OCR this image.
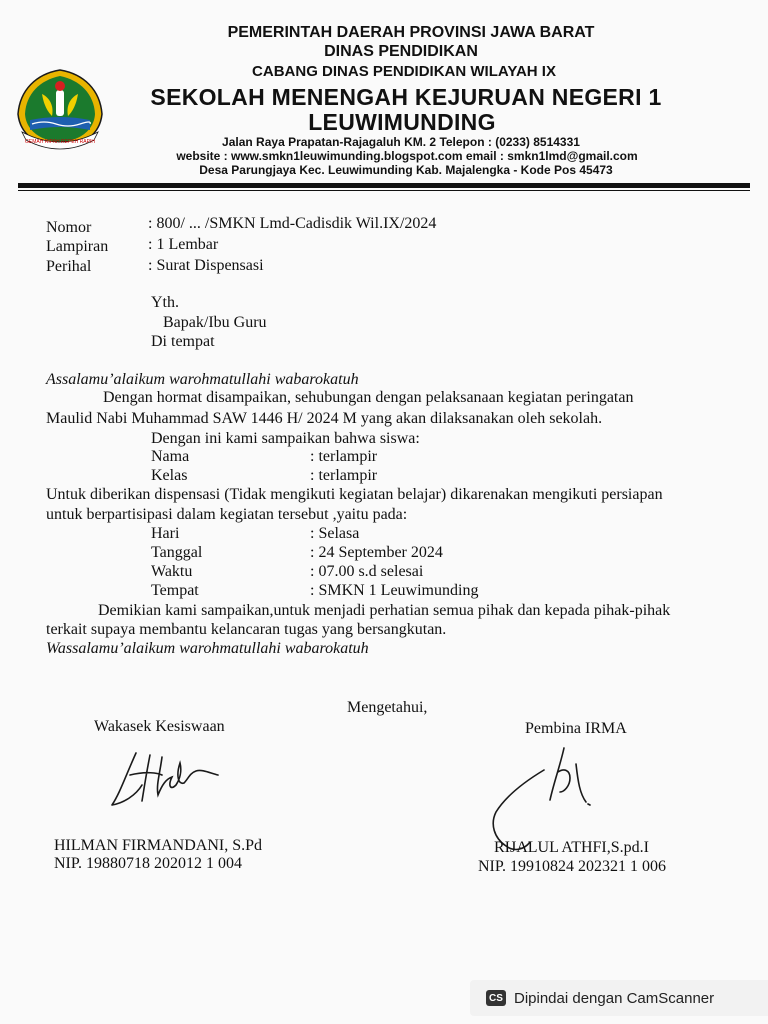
GEMAH RIPAH REPEH RAPIH
PEMERINTAH DAERAH PROVINSI JAWA BARAT
DINAS PENDIDIKAN
CABANG DINAS PENDIDIKAN WILAYAH IX
SEKOLAH MENENGAH KEJURUAN NEGERI 1
LEUWIMUNDING
Jalan Raya Prapatan-Rajagaluh KM. 2 Telepon : (0233) 8514331
website : www.smkn1leuwimunding.blogspot.com email : smkn1lmd@gmail.com
Desa Parungjaya Kec. Leuwimunding Kab. Majalengka - Kode Pos 45473
Nomor	: 800/ ... /SMKN Lmd-Cadisdik Wil.IX/2024
Lampiran : 1 Lembar
Perihal	: Surat Dispensasi
Yth.
Bapak/Ibu Guru
Di tempat
Assalamu’alaikum warohmatullahi wabarokatuh
Dengan hormat disampaikan, sehubungan dengan pelaksanaan kegiatan peringatan
Maulid Nabi Muhammad SAW 1446 H/ 2024 M yang akan dilaksanakan oleh sekolah.
Dengan ini kami sampaikan bahwa siswa:
Nama	: terlampir
Kelas	: terlampir
Untuk diberikan dispensasi (Tidak mengikuti kegiatan belajar) dikarenakan mengikuti persiapan
untuk berpartisipasi dalam kegiatan tersebut ,yaitu pada:
Hari	: Selasa
Tanggal	: 24 September 2024
Waktu	: 07.00 s.d selesai
Tempat	: SMKN 1 Leuwimunding
Demikian kami sampaikan,untuk menjadi perhatian semua pihak dan kepada pihak-pihak
terkait supaya membantu kelancaran tugas yang bersangkutan.
Wassalamu’alaikum warohmatullahi wabarokatuh
Mengetahui,
Wakasek Kesiswaan
HILMAN FIRMANDANI, S.Pd
NIP. 19880718 202012 1 004
Pembina IRMA
RIJALUL ATHFI,S.pd.I
NIP. 19910824 202321 1 006
CS Dipindai dengan CamScanner
